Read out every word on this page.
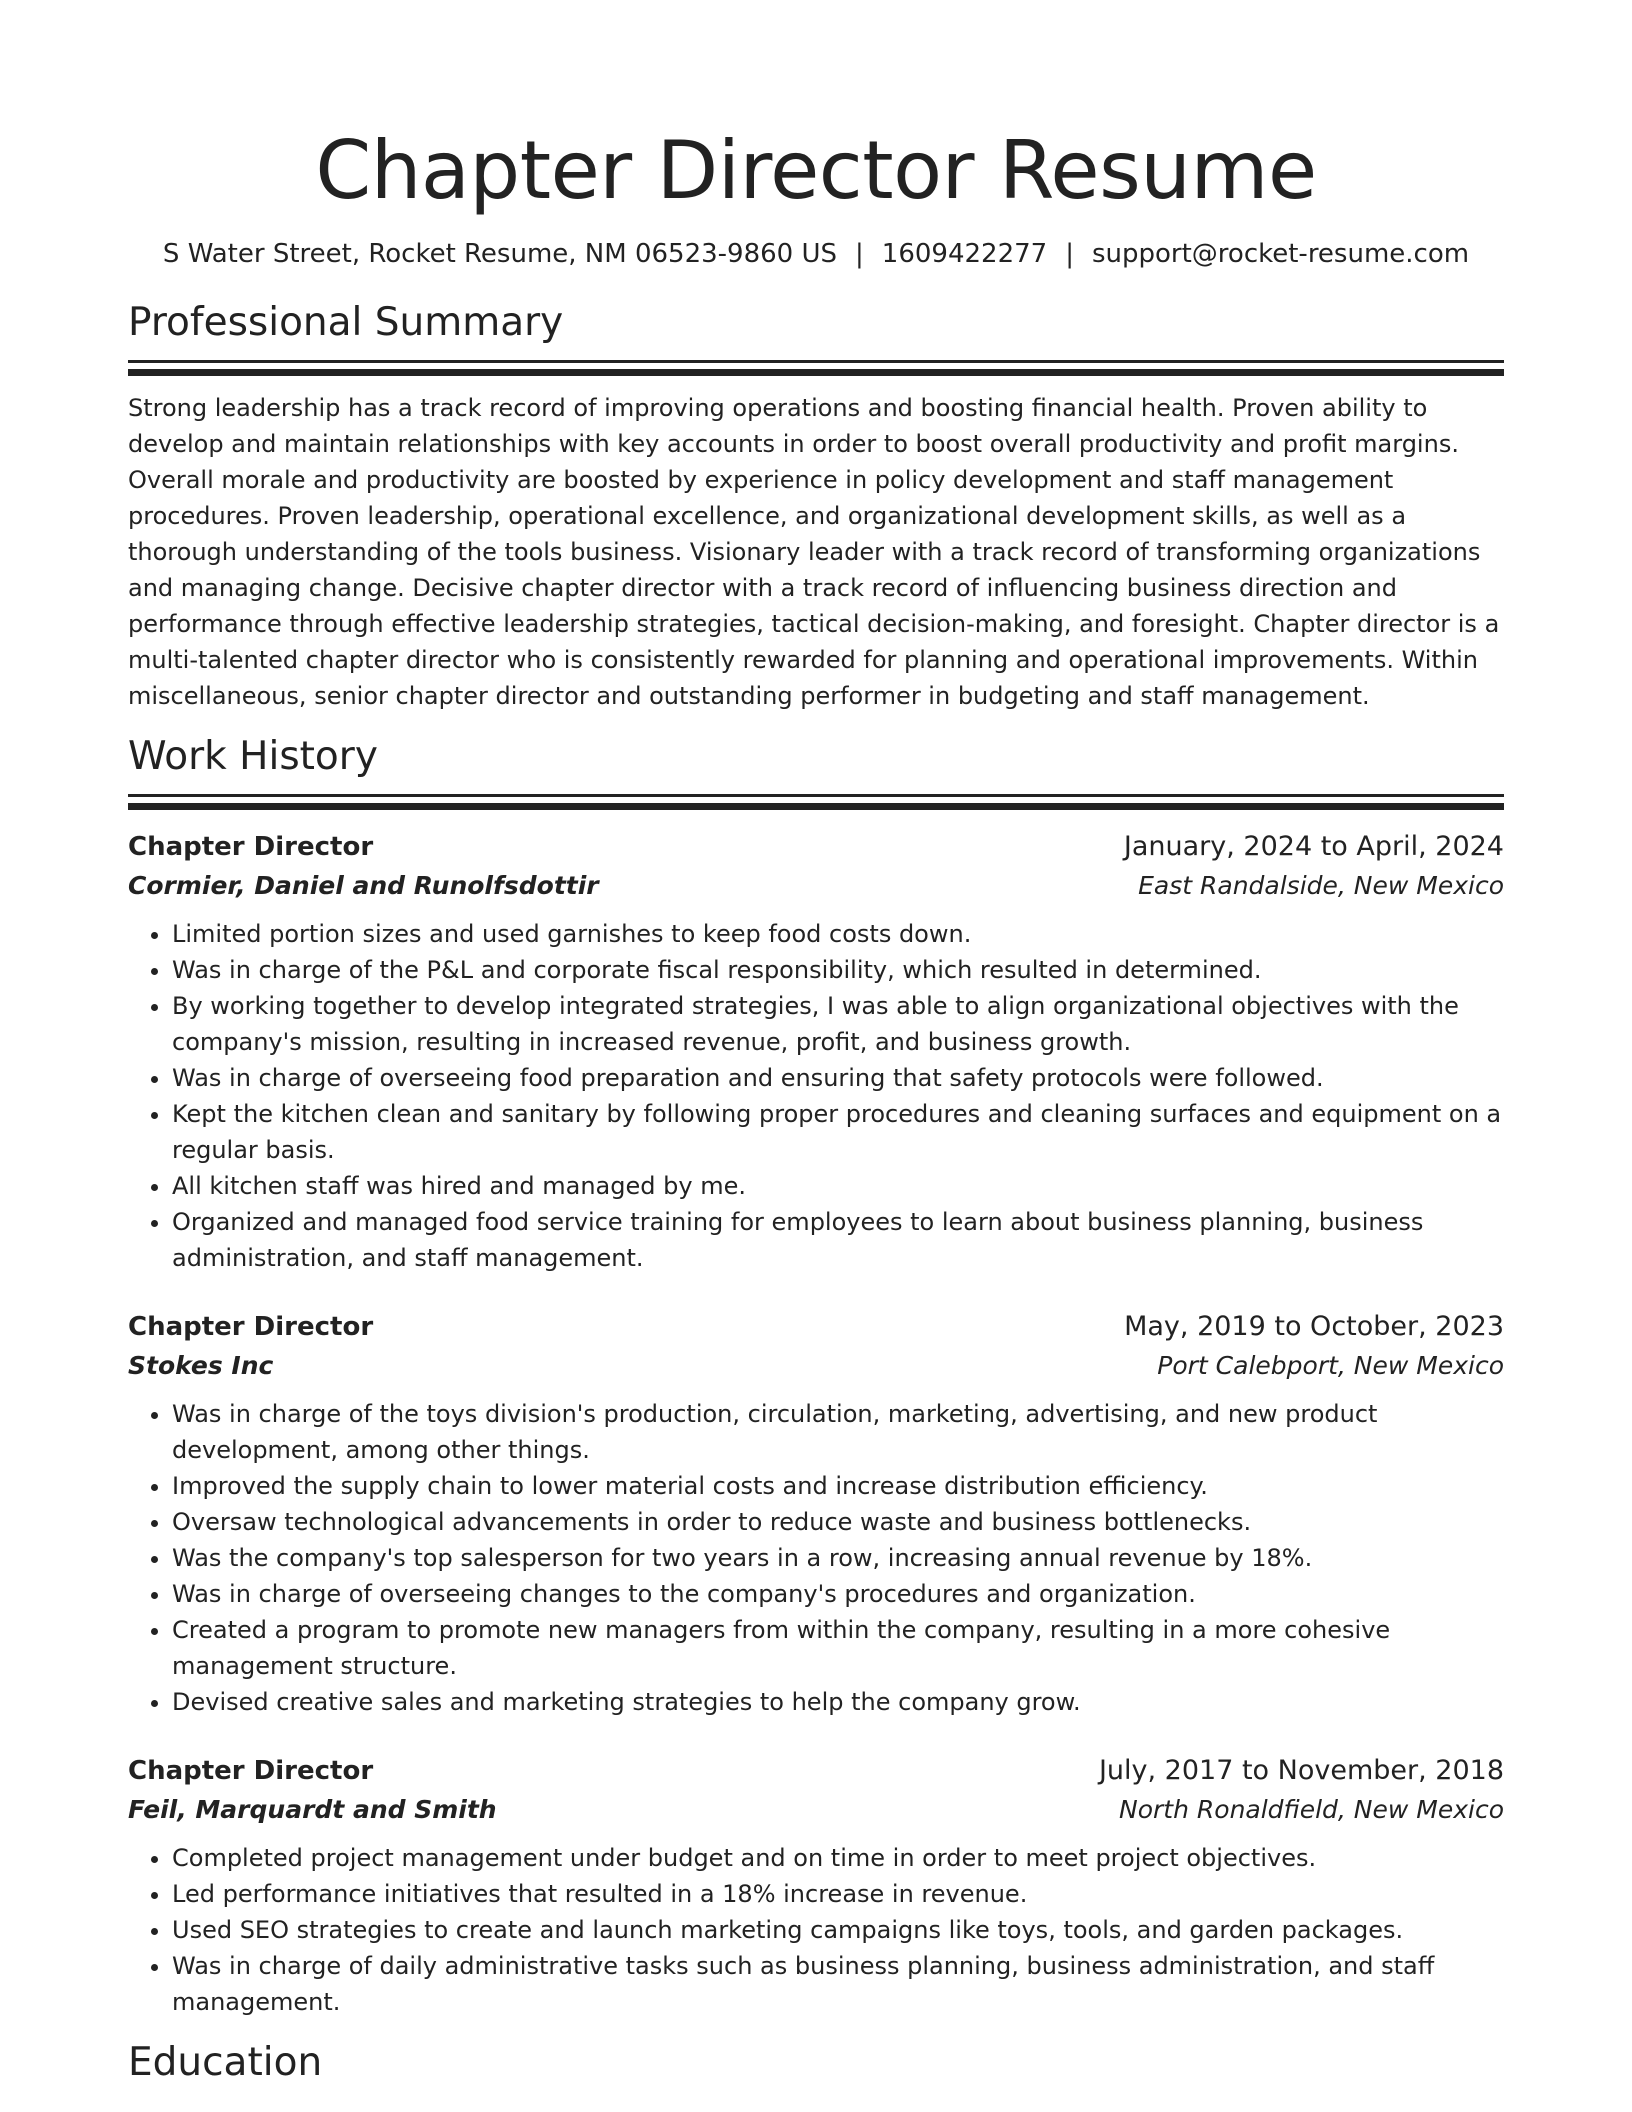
Chapter Director Resume
S Water Street, Rocket Resume, NM 06523-9860 US | 1609422277 | support@rocket-resume.com
Professional Summary
Strong leadership has a track record of improving operations and boosting financial health. Proven ability to develop and maintain relationships with key accounts in order to boost overall productivity and profit margins. Overall morale and productivity are boosted by experience in policy development and staff management procedures. Proven leadership, operational excellence, and organizational development skills, as well as a thorough understanding of the tools business. Visionary leader with a track record of transforming organizations and managing change. Decisive chapter director with a track record of influencing business direction and performance through effective leadership strategies, tactical decision-making, and foresight. Chapter director is a multi-talented chapter director who is consistently rewarded for planning and operational improvements. Within miscellaneous, senior chapter director and outstanding performer in budgeting and staff management.
Work History
Chapter Director	January, 2024 to April, 2024
Cormier, Daniel and Runolfsdottir	East Randalside, New Mexico
• Limited portion sizes and used garnishes to keep food costs down.
• Was in charge of the P&L and corporate fiscal responsibility, which resulted in determined.
• By working together to develop integrated strategies, I was able to align organizational objectives with the company's mission, resulting in increased revenue, profit, and business growth.
• Was in charge of overseeing food preparation and ensuring that safety protocols were followed.
• Kept the kitchen clean and sanitary by following proper procedures and cleaning surfaces and equipment on a regular basis.
• All kitchen staff was hired and managed by me.
• Organized and managed food service training for employees to learn about business planning, business administration, and staff management.
Chapter Director	May, 2019 to October, 2023
Stokes Inc	Port Calebport, New Mexico
• Was in charge of the toys division's production, circulation, marketing, advertising, and new product development, among other things.
• Improved the supply chain to lower material costs and increase distribution efficiency.
• Oversaw technological advancements in order to reduce waste and business bottlenecks.
• Was the company's top salesperson for two years in a row, increasing annual revenue by 18%.
• Was in charge of overseeing changes to the company's procedures and organization.
• Created a program to promote new managers from within the company, resulting in a more cohesive management structure.
• Devised creative sales and marketing strategies to help the company grow.
Chapter Director	July, 2017 to November, 2018
Feil, Marquardt and Smith	North Ronaldfield, New Mexico
• Completed project management under budget and on time in order to meet project objectives.
• Led performance initiatives that resulted in a 18% increase in revenue.
• Used SEO strategies to create and launch marketing campaigns like toys, tools, and garden packages.
• Was in charge of daily administrative tasks such as business planning, business administration, and staff management.
Education
